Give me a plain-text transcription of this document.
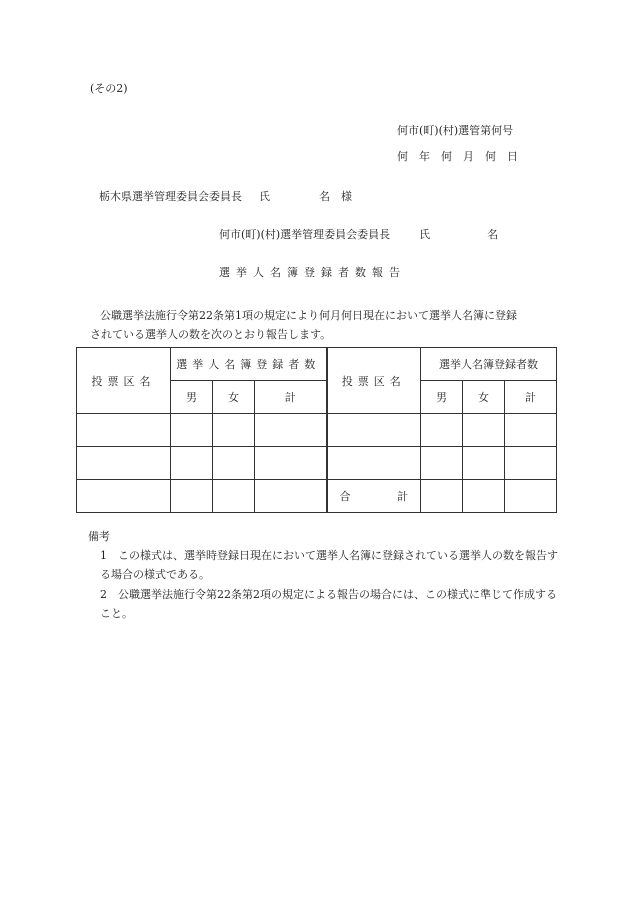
(その2)
何市(町)(村)選管第何号
何　年　何　月　何　日
栃木県選挙管理委員会委員長 氏	名　様
何市(町)(村)選挙管理委員会委員長	氏	名
選挙人名簿登録者数報告

公職選挙法施行令第22条第1項の規定により何月何日現在において選挙人名簿に登録

されている選挙人の数を次のとおり報告します。

投票区名	選挙人名簿登録者数			投票区名	選挙人名簿登録者数		
	男	女	計		男	女	計

				合 計			

備考
1 この様式は、選挙時登録日現在において選挙人名簿に登録されている選挙人の数を報告する場合の様式である。
2 公職選挙法施行令第22条第2項の規定による報告の場合には、この様式に準じて作成すること。
